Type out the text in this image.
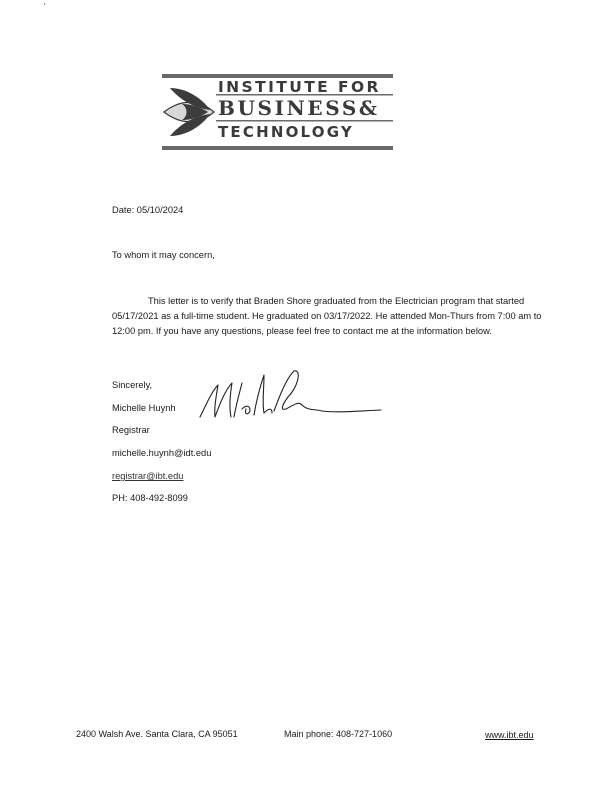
'
INSTITUTE FOR
BUSINESS&
TECHNOLOGY
Date: 05/10/2024
To whom it may concern,
This letter is to verify that Braden Shore graduated from the Electrician program that started 05/17/2021 as a full-time student. He graduated on 03/17/2022. He attended Mon-Thurs from 7:00 am to 12:00 pm. If you have any questions, please feel free to contact me at the information below.
Sincerely,
Michelle Huynh
Registrar
michelle.huynh@idt.edu
registrar@ibt.edu
PH: 408-492-8099
2400 Walsh Ave. Santa Clara, CA 95051	Main phone: 408-727-1060	www.ibt.edu
